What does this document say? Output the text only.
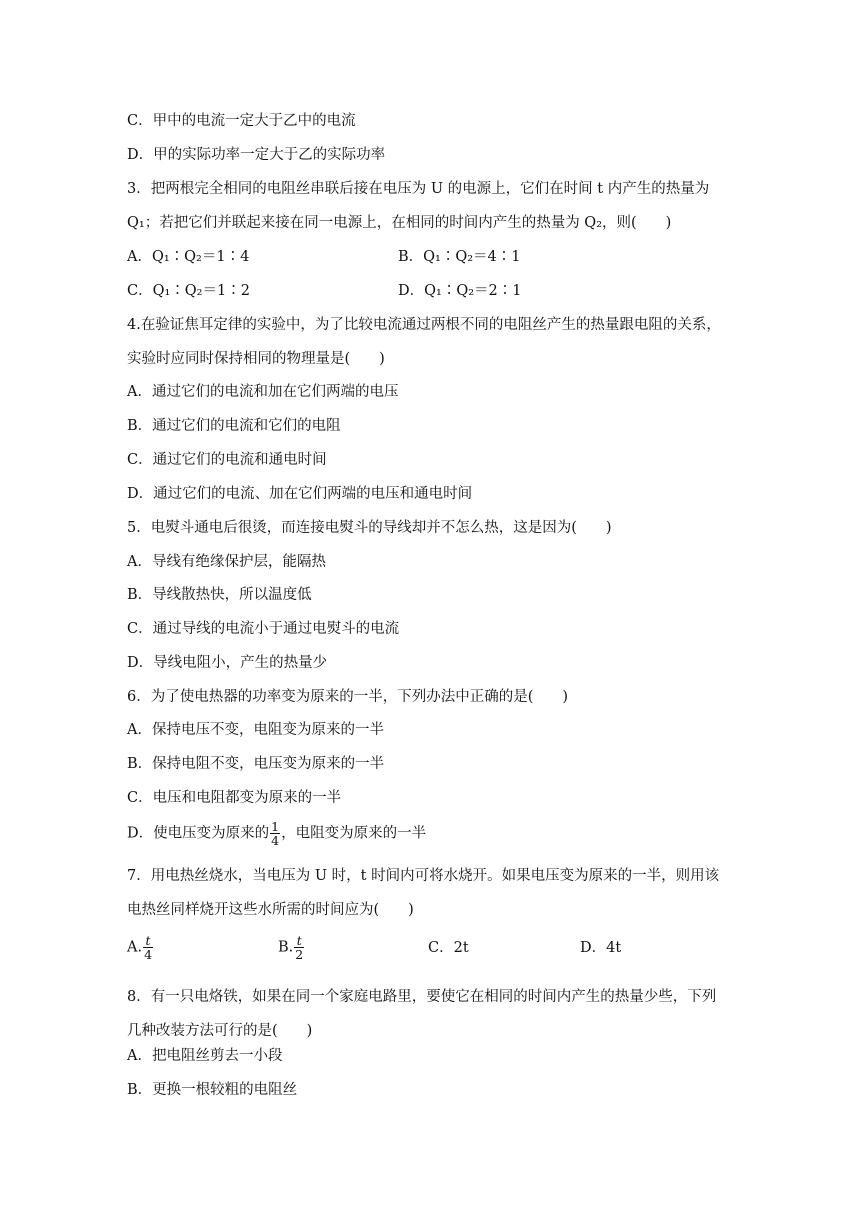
C．甲中的电流一定大于乙中的电流
D．甲的实际功率一定大于乙的实际功率
3．把两根完全相同的电阻丝串联后接在电压为 U 的电源上，它们在时间 t 内产生的热量为
Q₁；若把它们并联起来接在同一电源上，在相同的时间内产生的热量为 Q₂，则(　　)
A．Q₁∶Q₂＝1∶4	B．Q₁∶Q₂＝4∶1
C．Q₁∶Q₂＝1∶2	D．Q₁∶Q₂＝2∶1
4.在验证焦耳定律的实验中，为了比较电流通过两根不同的电阻丝产生的热量跟电阻的关系，
实验时应同时保持相同的物理量是(　　)
A．通过它们的电流和加在它们两端的电压
B．通过它们的电流和它们的电阻
C．通过它们的电流和通电时间
D．通过它们的电流、加在它们两端的电压和通电时间
5．电熨斗通电后很烫，而连接电熨斗的导线却并不怎么热，这是因为(　　)
A．导线有绝缘保护层，能隔热
B．导线散热快，所以温度低
C．通过导线的电流小于通过电熨斗的电流
D．导线电阻小，产生的热量少
6．为了使电热器的功率变为原来的一半，下列办法中正确的是(　　)
A．保持电压不变，电阻变为原来的一半
B．保持电阻不变，电压变为原来的一半
C．电压和电阻都变为原来的一半
D．使电压变为原来的 $\frac{1}{4}$ ，电阻变为原来的一半
7．用电热丝烧水，当电压为 U 时，t 时间内可将水烧开。如果电压变为原来的一半，则用该
电热丝同样烧开这些水所需的时间应为(　　)
A. $\frac{t}{4}$	B. $\frac{t}{2}$	C．2t	D．4t
8．有一只电烙铁，如果在同一个家庭电路里，要使它在相同的时间内产生的热量少些，下列
几种改装方法可行的是(　　)
A．把电阻丝剪去一小段
B．更换一根较粗的电阻丝
